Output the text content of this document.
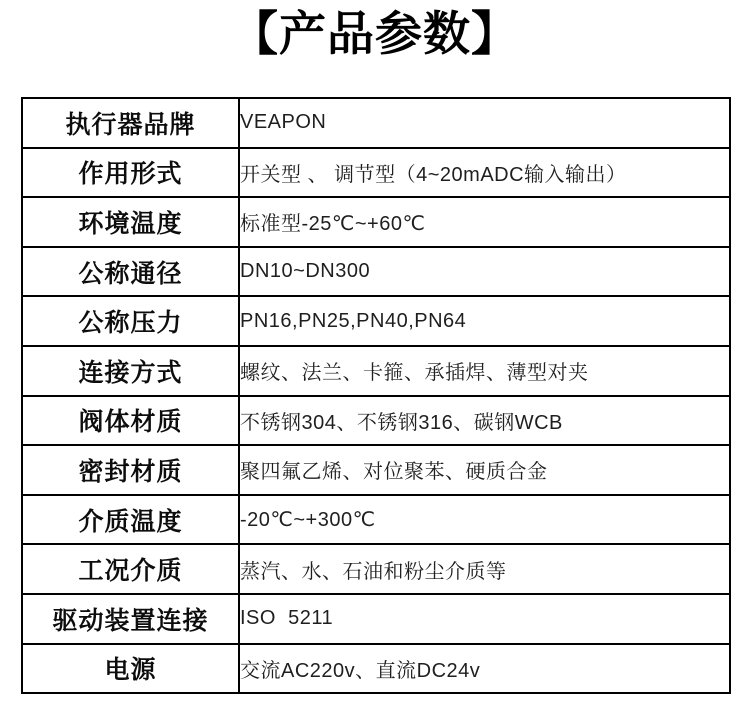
【产品参数】
执行器品牌	VEAPON
作用形式	开关型 、 调节型（4~20mADC输入输出）
环境温度	标准型-25℃~+60℃
公称通径	DN10~DN300
公称压力	PN16,PN25,PN40,PN64
连接方式	螺纹、法兰、卡箍、承插焊、薄型对夹
阀体材质	不锈钢304、不锈钢316、碳钢WCB
密封材质	聚四氟乙烯、对位聚苯、硬质合金
介质温度	-20℃~+300℃
工况介质	蒸汽、水、石油和粉尘介质等
驱动装置连接	ISO  5211
电源	交流AC220v、直流DC24v
